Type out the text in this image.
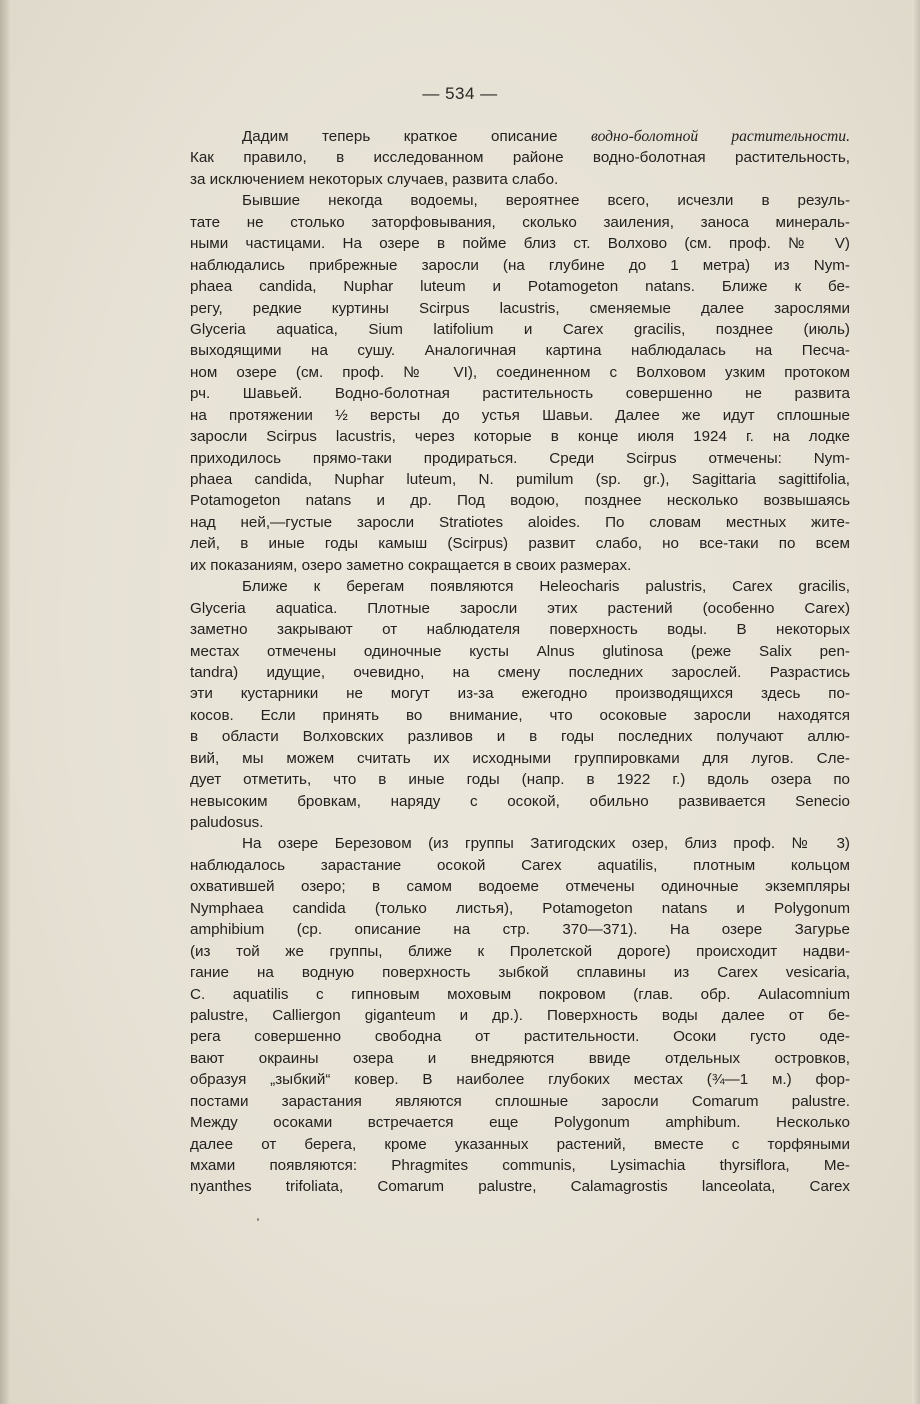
— 534 —
Дадим теперь краткое описание водно-болотной растительности.
Как правило, в исследованном районе водно-болотная растительность,
за исключением некоторых случаев, развита слабо.
Бывшие некогда водоемы, вероятнее всего, исчезли в резуль-
тате не столько заторфовывания, сколько заиления, заноса минераль-
ными частицами. На озере в пойме близ ст. Волхово (см. проф. № V)
наблюдались прибрежные заросли (на глубине до 1 метра) из Nym-
phaea candida, Nuphar luteum и Potamogeton natans. Ближе к бе-
регу, редкие куртины Scirpus lacustris, сменяемые далее зарослями
Glyceria aquatica, Sium latifolium и Carex gracilis, позднее (июль)
выходящими на сушу. Аналогичная картина наблюдалась на Песча-
ном озере (см. проф. № VI), соединенном с Волховом узким протоком
рч. Шавьей. Водно-болотная растительность совершенно не развита
на протяжении ½ версты до устья Шавьи. Далее же идут сплошные
заросли Scirpus lacustris, через которые в конце июля 1924 г. на лодке
приходилось прямо-таки продираться. Среди Scirpus отмечены: Nym-
phaea candida, Nuphar luteum, N. pumilum (sp. gr.), Sagittaria sagittifolia,
Potamogeton natans и др. Под водою, позднее несколько возвышаясь
над ней,—густые заросли Stratiotes aloides. По словам местных жите-
лей, в иные годы камыш (Scirpus) развит слабо, но все-таки по всем
их показаниям, озеро заметно сокращается в своих размерах.
Ближе к берегам появляются Heleocharis palustris, Carex gracilis,
Glyceria aquatica. Плотные заросли этих растений (особенно Carex)
заметно закрывают от наблюдателя поверхность воды. В некоторых
местах отмечены одиночные кусты Alnus glutinosa (реже Salix pen-
tandra) идущие, очевидно, на смену последних зарослей. Разрастись
эти кустарники не могут из-за ежегодно производящихся здесь по-
косов. Если принять во внимание, что осоковые заросли находятся
в области Волховских разливов и в годы последних получают аллю-
вий, мы можем считать их исходными группировками для лугов. Сле-
дует отметить, что в иные годы (напр. в 1922 г.) вдоль озера по
невысоким бровкам, наряду с осокой, обильно развивается Senecio
paludosus.
На озере Березовом (из группы Затигодских озер, близ проф. № 3)
наблюдалось зарастание осокой Carex aquatilis, плотным кольцом
охватившей озеро; в самом водоеме отмечены одиночные экземпляры
Nymphaea candida (только листья), Potamogeton natans и Polygonum
amphibium (ср. описание на стр. 370—371). На озере Загурье
(из той же группы, ближе к Пролетской дороге) происходит надви-
гание на водную поверхность зыбкой сплавины из Carex vesicaria,
C. aquatilis с гипновым моховым покровом (глав. обр. Aulacomnium
palustre, Calliergon giganteum и др.). Поверхность воды далее от бе-
рега совершенно свободна от растительности. Осоки густо оде-
вают окраины озера и внедряются ввиде отдельных островков,
образуя „зыбкий“ ковер. В наиболее глубоких местах (¾—1 м.) фор-
постами зарастания являются сплошные заросли Comarum palustre.
Между осоками встречается еще Polygonum amphibum. Несколько
далее от берега, кроме указанных растений, вместе с торфяными
мхами появляются: Phragmites communis, Lysimachia thyrsiflora, Me-
nyanthes trifoliata, Comarum palustre, Calamagrostis lanceolata, Carex
